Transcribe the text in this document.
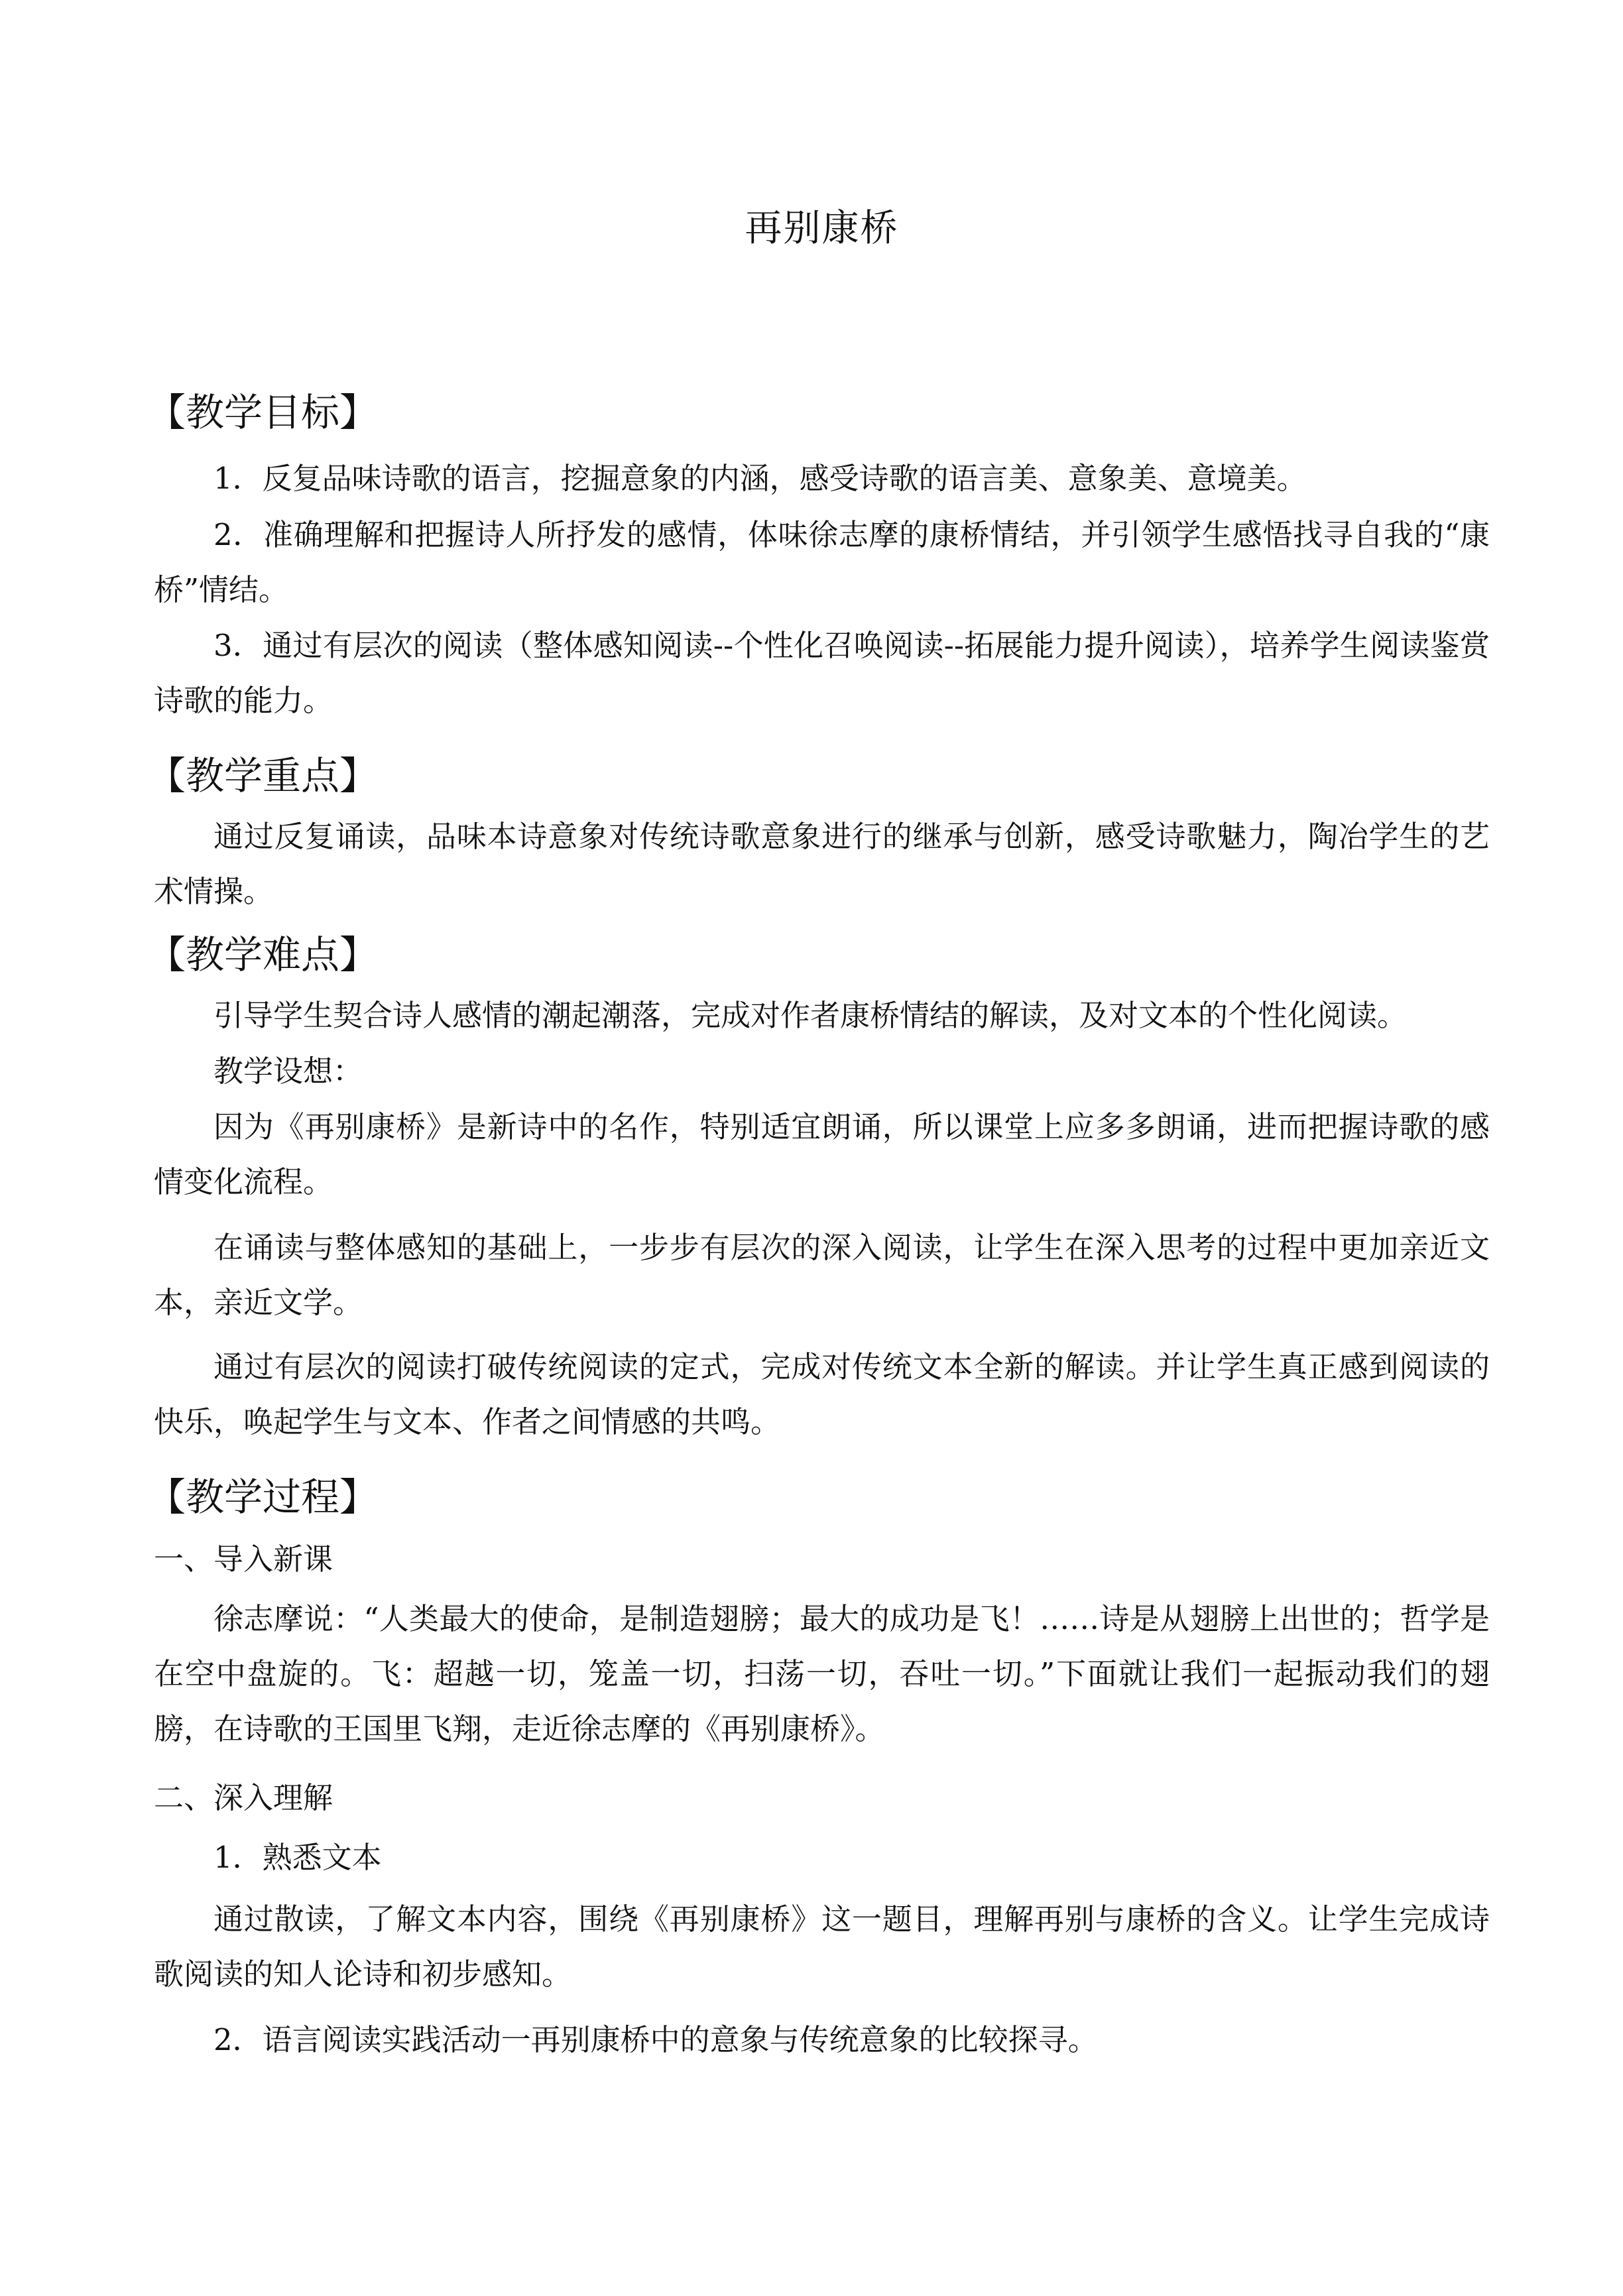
再别康桥
【教学目标】
1．反复品味诗歌的语言，挖掘意象的内涵，感受诗歌的语言美、意象美、意境美。
2．准确理解和把握诗人所抒发的感情，体味徐志摩的康桥情结，并引领学生感悟找寻自我的“康桥”情结。
3．通过有层次的阅读（整体感知阅读--个性化召唤阅读--拓展能力提升阅读），培养学生阅读鉴赏诗歌的能力。
【教学重点】
通过反复诵读，品味本诗意象对传统诗歌意象进行的继承与创新，感受诗歌魅力，陶冶学生的艺术情操。
【教学难点】
引导学生契合诗人感情的潮起潮落，完成对作者康桥情结的解读，及对文本的个性化阅读。
教学设想：
因为《再别康桥》是新诗中的名作，特别适宜朗诵，所以课堂上应多多朗诵，进而把握诗歌的感情变化流程。
在诵读与整体感知的基础上，一步步有层次的深入阅读，让学生在深入思考的过程中更加亲近文本，亲近文学。
通过有层次的阅读打破传统阅读的定式，完成对传统文本全新的解读。并让学生真正感到阅读的快乐，唤起学生与文本、作者之间情感的共鸣。
【教学过程】
一、导入新课
徐志摩说：“人类最大的使命，是制造翅膀；最大的成功是飞！……诗是从翅膀上出世的；哲学是在空中盘旋的。飞：超越一切，笼盖一切，扫荡一切，吞吐一切。”下面就让我们一起振动我们的翅膀，在诗歌的王国里飞翔，走近徐志摩的《再别康桥》。
二、深入理解
1．熟悉文本
通过散读，了解文本内容，围绕《再别康桥》这一题目，理解再别与康桥的含义。让学生完成诗歌阅读的知人论诗和初步感知。
2．语言阅读实践活动一再别康桥中的意象与传统意象的比较探寻。
